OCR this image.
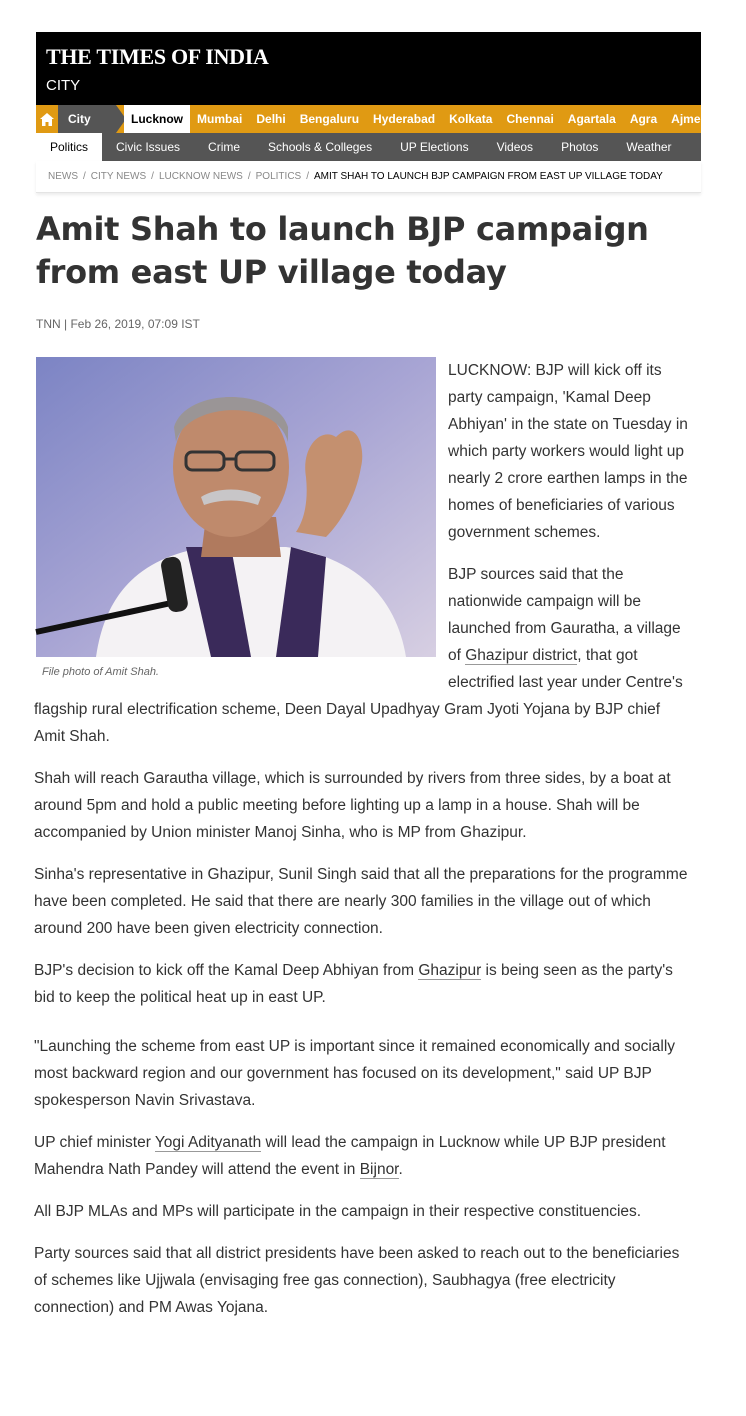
THE TIMES OF INDIA
CITY
City	Lucknow	Mumbai	Delhi	Bengaluru	Hyderabad	Kolkata	Chennai	Agartala	Agra	Ajmer	Am
Politics	Civic Issues	Crime	Schools & Colleges	UP Elections	Videos	Photos	Weather
NEWS / CITY NEWS / LUCKNOW NEWS / POLITICS / AMIT SHAH TO LAUNCH BJP CAMPAIGN FROM EAST UP VILLAGE TODAY
Amit Shah to launch BJP campaign from east UP village today
TNN | Feb 26, 2019, 07:09 IST
File photo of Amit Shah.

LUCKNOW: BJP will kick off its party campaign, 'Kamal Deep Abhiyan' in the state on Tuesday in which party workers would light up nearly 2 crore earthen lamps in the homes of beneficiaries of various government schemes.

BJP sources said that the nationwide campaign will be launched from Gauratha, a village of Ghazipur district, that got electrified last year under Centre's flagship rural electrification scheme, Deen Dayal Upadhyay Gram Jyoti Yojana by BJP chief Amit Shah.

Shah will reach Garautha village, which is surrounded by rivers from three sides, by a boat at around 5pm and hold a public meeting before lighting up a lamp in a house. Shah will be accompanied by Union minister Manoj Sinha, who is MP from Ghazipur.

Sinha's representative in Ghazipur, Sunil Singh said that all the preparations for the programme have been completed. He said that there are nearly 300 families in the village out of which around 200 have been given electricity connection.

BJP's decision to kick off the Kamal Deep Abhiyan from Ghazipur is being seen as the party's bid to keep the political heat up in east UP.

"Launching the scheme from east UP is important since it remained economically and socially most backward region and our government has focused on its development," said UP BJP spokesperson Navin Srivastava.

UP chief minister Yogi Adityanath will lead the campaign in Lucknow while UP BJP president Mahendra Nath Pandey will attend the event in Bijnor.

All BJP MLAs and MPs will participate in the campaign in their respective constituencies.

Party sources said that all district presidents have been asked to reach out to the beneficiaries of schemes like Ujjwala (envisaging free gas connection), Saubhagya (free electricity connection) and PM Awas Yojana.
